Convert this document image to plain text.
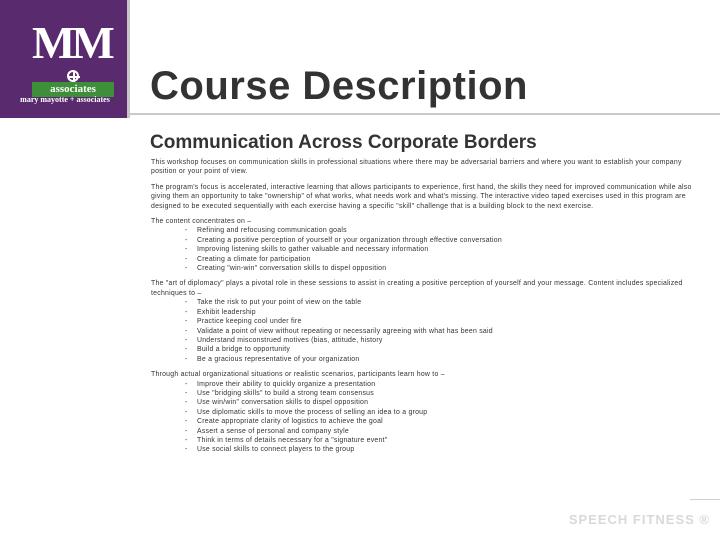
MM
associates
mary mayotte + associates	Course Description
Communication Across Corporate Borders

This workshop focuses on communication skills in professional situations where there may be adversarial barriers and where you want to establish your company position or your point of view.

The program's focus is accelerated, interactive learning that allows participants to experience, first hand, the skills they need for improved communication while also giving them an opportunity to take "ownership" of what works, what needs work and what's missing. The interactive video taped exercises used in this program are designed to be executed sequentially with each exercise having a specific "skill" challenge that is a building block to the next exercise.

The content concentrates on –

- Refining and refocusing communication goals
- Creating a positive perception of yourself or your organization through effective conversation
- Improving listening skills to gather valuable and necessary information
- Creating a climate for participation
- Creating "win-win" conversation skills to dispel opposition

The "art of diplomacy" plays a pivotal role in these sessions to assist in creating a positive perception of yourself and your message. Content includes specialized techniques to –

- Take the risk to put your point of view on the table
- Exhibit leadership
- Practice keeping cool under fire
- Validate a point of view without repeating or necessarily agreeing with what has been said
- Understand misconstrued motives (bias, attitude, history
- Build a bridge to opportunity
- Be a gracious representative of your organization

Through actual organizational situations or realistic scenarios, participants learn how to –

- Improve their ability to quickly organize a presentation
- Use "bridging skills" to build a strong team consensus
- Use win/win" conversation skills to dispel opposition
- Use diplomatic skills to move the process of selling an idea to a group
- Create appropriate clarity of logistics to achieve the goal
- Assert a sense of personal and company style
- Think in terms of details necessary for a "signature event"
- Use social skills to connect players to the group
SPEECH FITNESS ®
